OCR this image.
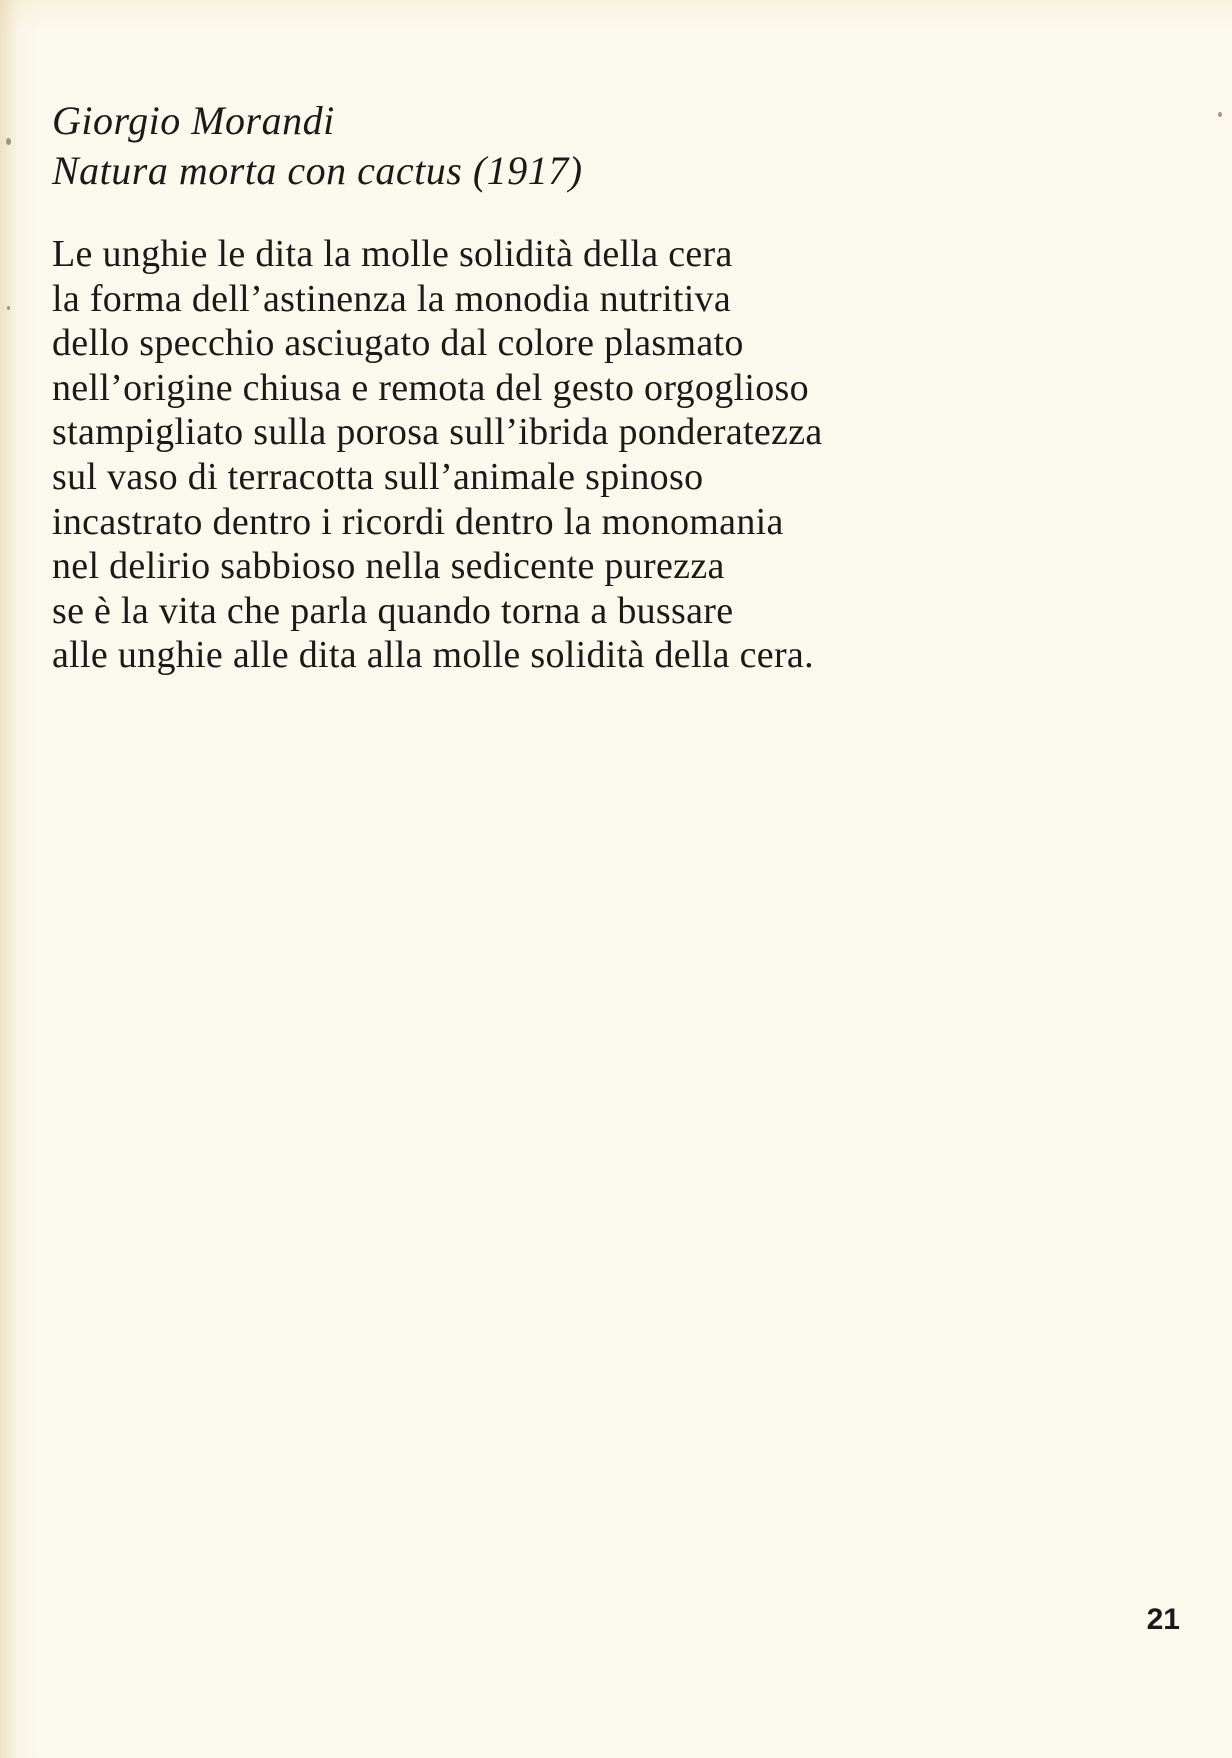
Giorgio Morandi
Natura morta con cactus (1917)
Le unghie le dita la molle solidità della cera
la forma dell’astinenza la monodia nutritiva
dello specchio asciugato dal colore plasmato
nell’origine chiusa e remota del gesto orgoglioso
stampigliato sulla porosa sull’ibrida ponderatezza
sul vaso di terracotta sull’animale spinoso
incastrato dentro i ricordi dentro la monomania
nel delirio sabbioso nella sedicente purezza
se è la vita che parla quando torna a bussare
alle unghie alle dita alla molle solidità della cera.
21
